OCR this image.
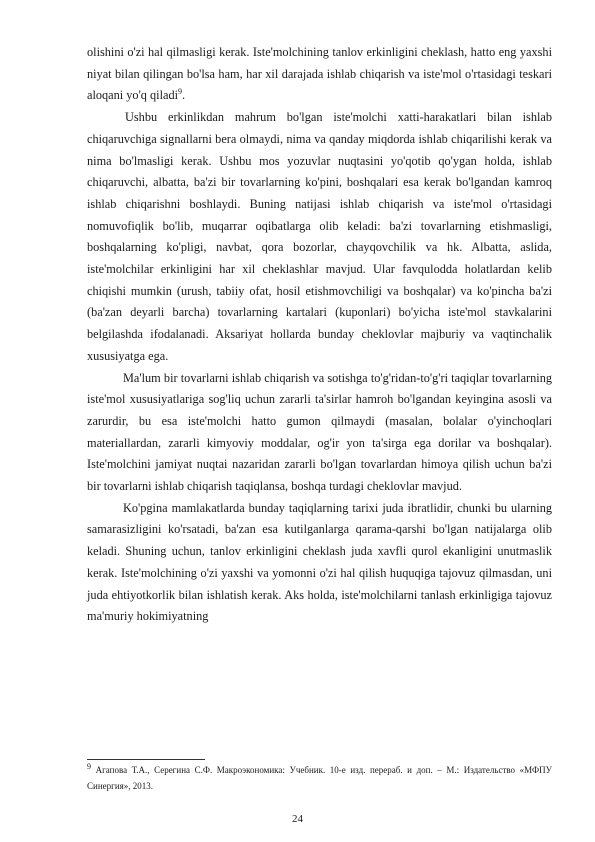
olishini o'zi hal qilmasligi kerak. Iste'molchining tanlov erkinligini cheklash, hatto eng yaxshi niyat bilan qilingan bo'lsa ham, har xil darajada ishlab chiqarish va iste'mol o'rtasidagi teskari aloqani yo'q qiladi$^9$.

Ushbu erkinlikdan mahrum bo'lgan iste'molchi xatti-harakatlari bilan ishlab chiqaruvchiga signallarni bera olmaydi, nima va qanday miqdorda ishlab chiqarilishi kerak va nima bo'lmasligi kerak. Ushbu mos yozuvlar nuqtasini yo'qotib qo'ygan holda, ishlab chiqaruvchi, albatta, ba'zi bir tovarlarning ko'pini, boshqalari esa kerak bo'lgandan kamroq ishlab chiqarishni boshlaydi. Buning natijasi ishlab chiqarish va iste'mol o'rtasidagi nomuvofiqlik bo'lib, muqarrar oqibatlarga olib keladi: ba'zi tovarlarning etishmasligi, boshqalarning ko'pligi, navbat, qora bozorlar, chayqovchilik va hk. Albatta, aslida, iste'molchilar erkinligini har xil cheklashlar mavjud. Ular favqulodda holatlardan kelib chiqishi mumkin (urush, tabiiy ofat, hosil etishmovchiligi va boshqalar) va ko'pincha ba'zi (ba'zan deyarli barcha) tovarlarning kartalari (kuponlari) bo'yicha iste'mol stavkalarini belgilashda ifodalanadi. Aksariyat hollarda bunday cheklovlar majburiy va vaqtinchalik xususiyatga ega.

Ma'lum bir tovarlarni ishlab chiqarish va sotishga to'g'ridan-to'g'ri taqiqlar tovarlarning iste'mol xususiyatlariga sog'liq uchun zararli ta'sirlar hamroh bo'lgandan keyingina asosli va zarurdir, bu esa iste'molchi hatto gumon qilmaydi (masalan, bolalar o'yinchoqlari materiallardan, zararli kimyoviy moddalar, og'ir yon ta'sirga ega dorilar va boshqalar). Iste'molchini jamiyat nuqtai nazaridan zararli bo'lgan tovarlardan himoya qilish uchun ba'zi bir tovarlarni ishlab chiqarish taqiqlansa, boshqa turdagi cheklovlar mavjud.

Ko'pgina mamlakatlarda bunday taqiqlarning tarixi juda ibratlidir, chunki bu ularning samarasizligini ko'rsatadi, ba'zan esa kutilganlarga qarama-qarshi bo'lgan natijalarga olib keladi. Shuning uchun, tanlov erkinligini cheklash juda xavfli qurol ekanligini unutmaslik kerak. Iste'molchining o'zi yaxshi va yomonni o'zi hal qilish huquqiga tajovuz qilmasdan, uni juda ehtiyotkorlik bilan ishlatish kerak. Aks holda, iste'molchilarni tanlash erkinligiga tajovuz ma'muriy hokimiyatning

$^9$ Агапова Т.А., Серегина С.Ф. Макроэкономика: Учебник. 10-е изд. перераб. и доп. – М.: Издательство «МФПУ Синергия», 2013.
24
